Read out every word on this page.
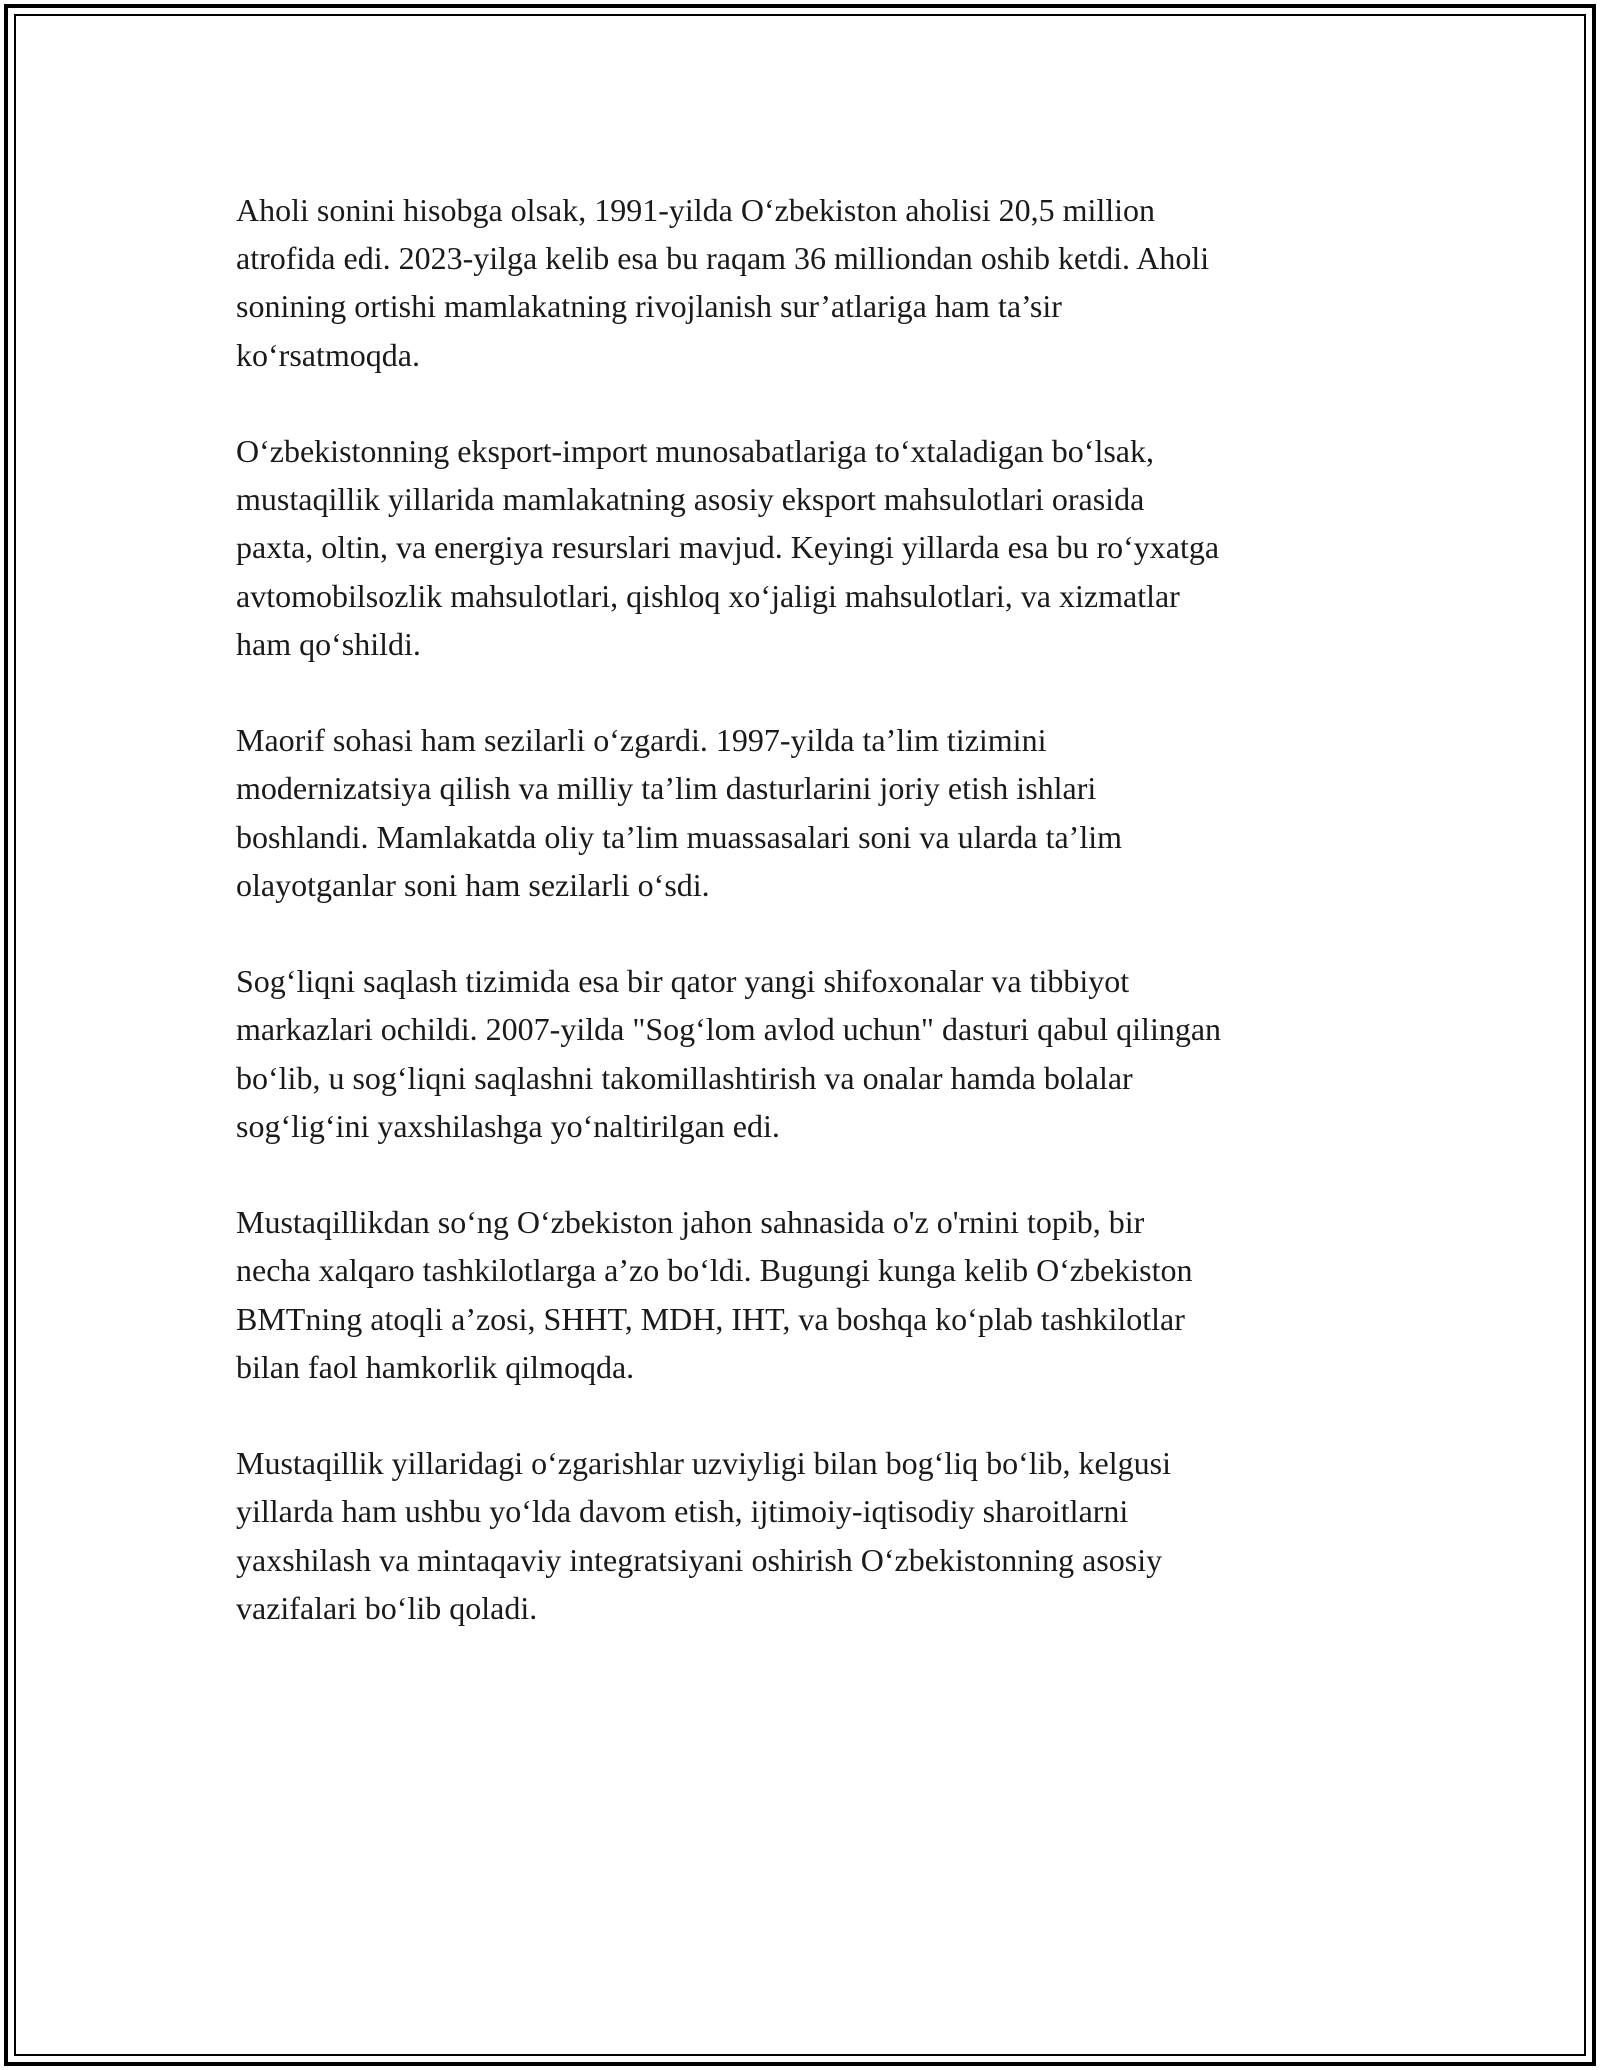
Aholi sonini hisobga olsak, 1991-yilda O‘zbekiston aholisi 20,5 million
atrofida edi. 2023-yilga kelib esa bu raqam 36 milliondan oshib ketdi. Aholi
sonining ortishi mamlakatning rivojlanish sur’atlariga ham ta’sir
ko‘rsatmoqda.

O‘zbekistonning eksport-import munosabatlariga to‘xtaladigan bo‘lsak,
mustaqillik yillarida mamlakatning asosiy eksport mahsulotlari orasida
paxta, oltin, va energiya resurslari mavjud. Keyingi yillarda esa bu ro‘yxatga
avtomobilsozlik mahsulotlari, qishloq xo‘jaligi mahsulotlari, va xizmatlar
ham qo‘shildi.

Maorif sohasi ham sezilarli o‘zgardi. 1997-yilda ta’lim tizimini
modernizatsiya qilish va milliy ta’lim dasturlarini joriy etish ishlari
boshlandi. Mamlakatda oliy ta’lim muassasalari soni va ularda ta’lim
olayotganlar soni ham sezilarli o‘sdi.

Sog‘liqni saqlash tizimida esa bir qator yangi shifoxonalar va tibbiyot
markazlari ochildi. 2007-yilda "Sog‘lom avlod uchun" dasturi qabul qilingan
bo‘lib, u sog‘liqni saqlashni takomillashtirish va onalar hamda bolalar
sog‘lig‘ini yaxshilashga yo‘naltirilgan edi.

Mustaqillikdan so‘ng O‘zbekiston jahon sahnasida o'z o'rnini topib, bir
necha xalqaro tashkilotlarga a’zo bo‘ldi. Bugungi kunga kelib O‘zbekiston
BMTning atoqli a’zosi, SHHT, MDH, IHT, va boshqa ko‘plab tashkilotlar
bilan faol hamkorlik qilmoqda.

Mustaqillik yillaridagi o‘zgarishlar uzviyligi bilan bog‘liq bo‘lib, kelgusi
yillarda ham ushbu yo‘lda davom etish, ijtimoiy-iqtisodiy sharoitlarni
yaxshilash va mintaqaviy integratsiyani oshirish O‘zbekistonning asosiy
vazifalari bo‘lib qoladi.
